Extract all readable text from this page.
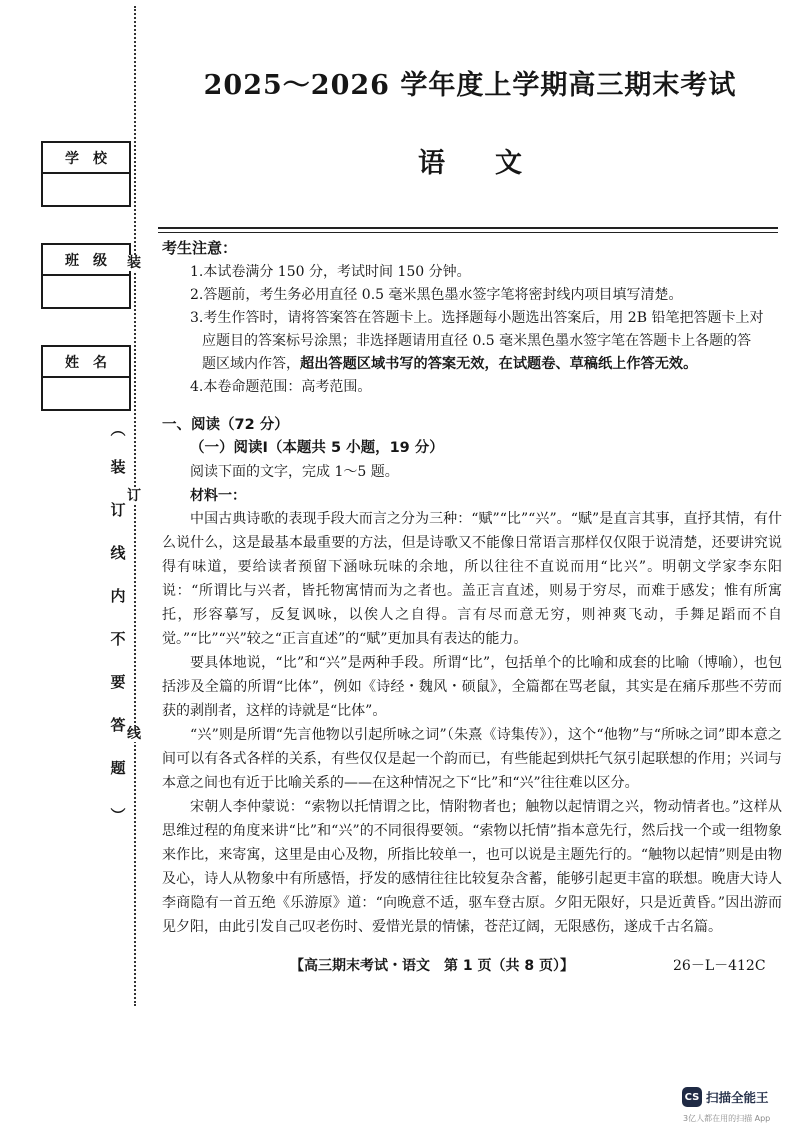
学校
班级
姓名
装
订
线
（
装
订
线
内
不
要
答
题
）
2025～2026 学年度上学期高三期末考试
语文
考生注意：
1.本试卷满分 150 分，考试时间 150 分钟。
2.答题前，考生务必用直径 0.5 毫米黑色墨水签字笔将密封线内项目填写清楚。
3.考生作答时，请将答案答在答题卡上。选择题每小题选出答案后，用 2B 铅笔把答题卡上对
应题目的答案标号涂黑；非选择题请用直径 0.5 毫米黑色墨水签字笔在答题卡上各题的答
题区域内作答，超出答题区域书写的答案无效，在试题卷、草稿纸上作答无效。
4.本卷命题范围：高考范围。
一、阅读（72 分）
（一）阅读Ⅰ（本题共 5 小题，19 分）
阅读下面的文字，完成 1～5 题。
材料一：

中国古典诗歌的表现手段大而言之分为三种：“赋”“比”“兴”。“赋”是直言其事，直抒其情，有什么说什么，这是最基本最重要的方法，但是诗歌又不能像日常语言那样仅仅限于说清楚，还要讲究说得有味道，要给读者预留下涵咏玩味的余地，所以往往不直说而用“比兴”。明朝文学家李东阳说：“所谓比与兴者，皆托物寓情而为之者也。盖正言直述，则易于穷尽，而难于感发；惟有所寓托，形容摹写，反复讽咏，以俟人之自得。言有尽而意无穷，则神爽飞动，手舞足蹈而不自觉。”“比”“兴”较之“正言直述”的“赋”更加具有表达的能力。

要具体地说，“比”和“兴”是两种手段。所谓“比”，包括单个的比喻和成套的比喻（博喻），也包括涉及全篇的所谓“比体”，例如《诗经・魏风・硕鼠》，全篇都在骂老鼠，其实是在痛斥那些不劳而获的剥削者，这样的诗就是“比体”。

“兴”则是所谓“先言他物以引起所咏之词”（朱熹《诗集传》），这个“他物”与“所咏之词”即本意之间可以有各式各样的关系，有些仅仅是起一个韵而已，有些能起到烘托气氛引起联想的作用；兴词与本意之间也有近于比喻关系的——在这种情况之下“比”和“兴”往往难以区分。

宋朝人李仲蒙说：“索物以托情谓之比，情附物者也；触物以起情谓之兴，物动情者也。”这样从思维过程的角度来讲“比”和“兴”的不同很得要领。“索物以托情”指本意先行，然后找一个或一组物象来作比，来寄寓，这里是由心及物，所指比较单一，也可以说是主题先行的。“触物以起情”则是由物及心，诗人从物象中有所感悟，抒发的感情往往比较复杂含蓄，能够引起更丰富的联想。晚唐大诗人李商隐有一首五绝《乐游原》道：“向晚意不适，驱车登古原。夕阳无限好，只是近黄昏。”因出游而见夕阳，由此引发自己叹老伤时、爱惜光景的情愫，苍茫辽阔，无限感伤，遂成千古名篇。

【高三期末考试・语文　第 1 页（共 8 页）】	26－L－412C
CS 扫描全能王
3亿人都在用的扫描 App
